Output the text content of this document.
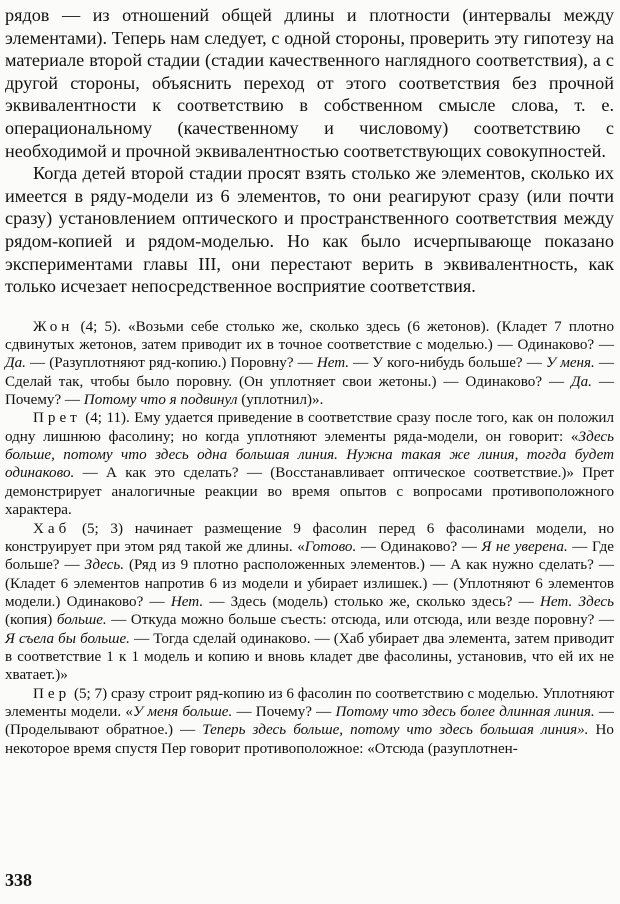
рядов — из отношений общей длины и плотности (интервалы между элементами). Теперь нам следует, с одной стороны, проверить эту гипотезу на материале второй стадии (стадии качественного наглядного соответствия), а с другой стороны, объяснить переход от этого соответствия без прочной эквивалентности к соответствию в собственном смысле слова, т. е. операциональному (качественному и числовому) соответствию с необходимой и прочной эквивалентностью соответствующих совокупностей.

Когда детей второй стадии просят взять столько же элементов, сколько их имеется в ряду-модели из 6 элементов, то они реагируют сразу (или почти сразу) установлением оптического и пространственного соответствия между рядом-копией и рядом-моделью. Но как было исчерпывающе показано экспериментами главы III, они перестают верить в эквивалентность, как только исчезает непосредственное восприятие соответствия.

Жон (4; 5). «Возьми себе столько же, сколько здесь (6 жетонов). (Кладет 7 плотно сдвинутых жетонов, затем приводит их в точное соответствие с моделью.) — Одинаково? — Да. — (Разуплотняют ряд-копию.) Поровну? — Нет. — У кого-нибудь больше? — У меня. — Сделай так, чтобы было поровну. (Он уплотняет свои жетоны.) — Одинаково? — Да. — Почему? — Потому что я подвинул (уплотнил)».

Прет (4; 11). Ему удается приведение в соответствие сразу после того, как он положил одну лишнюю фасолину; но когда уплотняют элементы ряда-модели, он говорит: «Здесь больше, потому что здесь одна большая линия. Нужна такая же линия, тогда будет одинаково. — А как это сделать? — (Восстанавливает оптическое соответствие.)» Прет демонстрирует аналогичные реакции во время опытов с вопросами противоположного характера.

Хаб (5; 3) начинает размещение 9 фасолин перед 6 фасолинами модели, но конструирует при этом ряд такой же длины. «Готово. — Одинаково? — Я не уверена. — Где больше? — Здесь. (Ряд из 9 плотно расположенных элементов.) — А как нужно сделать? — (Кладет 6 элементов напротив 6 из модели и убирает излишек.) — (Уплотняют 6 элементов модели.) Одинаково? — Нет. — Здесь (модель) столько же, сколько здесь? — Нет. Здесь (копия) больше. — Откуда можно больше съесть: отсюда, или отсюда, или везде поровну? — Я съела бы больше. — Тогда сделай одинаково. — (Хаб убирает два элемента, затем приводит в соответствие 1 к 1 модель и копию и вновь кладет две фасолины, установив, что ей их не хватает.)»

Пер (5; 7) сразу строит ряд-копию из 6 фасолин по соответствию с моделью. Уплотняют элементы модели. «У меня больше. — Почему? — Потому что здесь более длинная линия. — (Проделывают обратное.) — Теперь здесь больше, потому что здесь большая линия». Но некоторое время спустя Пер говорит противоположное: «Отсюда (разуплотнен-

338
